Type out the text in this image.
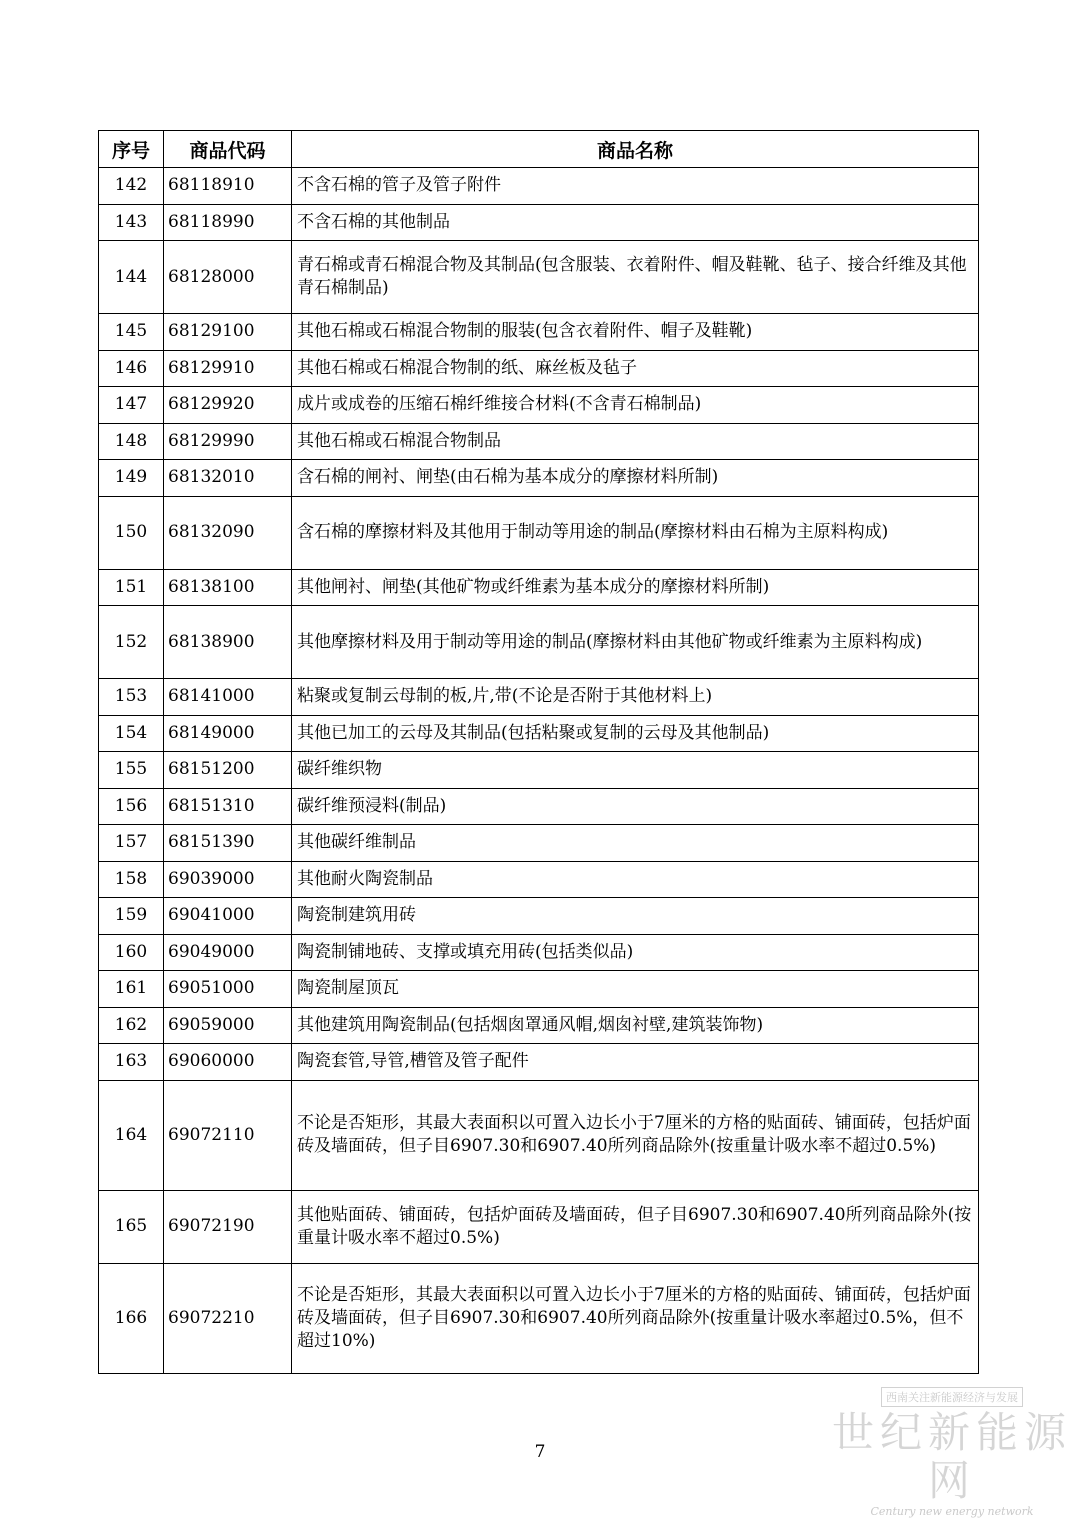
序号	商品代码	商品名称
142	68118910	不含石棉的管子及管子附件
143	68118990	不含石棉的其他制品
144	68128000	青石棉或青石棉混合物及其制品(包含服装、衣着附件、帽及鞋靴、毡子、接合纤维及其他青石棉制品)
145	68129100	其他石棉或石棉混合物制的服装(包含衣着附件、帽子及鞋靴)
146	68129910	其他石棉或石棉混合物制的纸、麻丝板及毡子
147	68129920	成片或成卷的压缩石棉纤维接合材料(不含青石棉制品)
148	68129990	其他石棉或石棉混合物制品
149	68132010	含石棉的闸衬、闸垫(由石棉为基本成分的摩擦材料所制)
150	68132090	含石棉的摩擦材料及其他用于制动等用途的制品(摩擦材料由石棉为主原料构成)
151	68138100	其他闸衬、闸垫(其他矿物或纤维素为基本成分的摩擦材料所制)
152	68138900	其他摩擦材料及用于制动等用途的制品(摩擦材料由其他矿物或纤维素为主原料构成)
153	68141000	粘聚或复制云母制的板,片,带(不论是否附于其他材料上)
154	68149000	其他已加工的云母及其制品(包括粘聚或复制的云母及其他制品)
155	68151200	碳纤维织物
156	68151310	碳纤维预浸料(制品)
157	68151390	其他碳纤维制品
158	69039000	其他耐火陶瓷制品
159	69041000	陶瓷制建筑用砖
160	69049000	陶瓷制铺地砖、支撑或填充用砖(包括类似品)
161	69051000	陶瓷制屋顶瓦
162	69059000	其他建筑用陶瓷制品(包括烟囱罩通风帽,烟囱衬壁,建筑装饰物)
163	69060000	陶瓷套管,导管,槽管及管子配件
164	69072110	不论是否矩形，其最大表面积以可置入边长小于7厘米的方格的贴面砖、铺面砖，包括炉面砖及墙面砖，但子目6907.30和6907.40所列商品除外(按重量计吸水率不超过0.5%)
165	69072190	其他贴面砖、铺面砖，包括炉面砖及墙面砖，但子目6907.30和6907.40所列商品除外(按重量计吸水率不超过0.5%)
166	69072210	不论是否矩形，其最大表面积以可置入边长小于7厘米的方格的贴面砖、铺面砖，包括炉面砖及墙面砖，但子目6907.30和6907.40所列商品除外(按重量计吸水率超过0.5%，但不超过10%)
7
西南关注新能源经济与发展
世纪新能源网
Century new energy network
